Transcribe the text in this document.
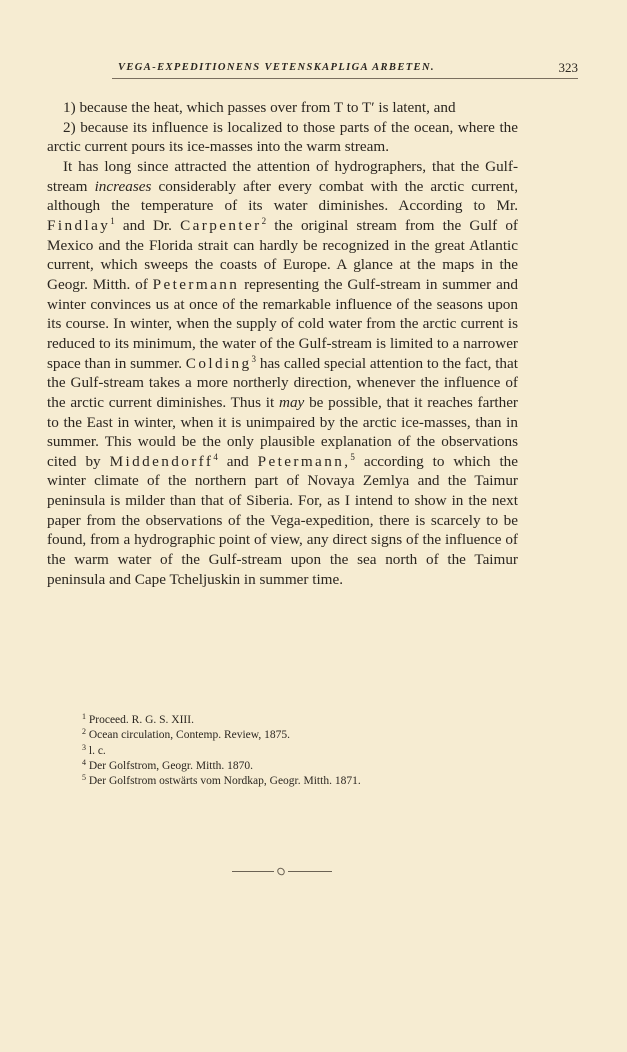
VEGA-EXPEDITIONENS VETENSKAPLIGA ARBETEN.	323

1) because the heat, which passes over from T to T′ is latent, and

2) because its influence is localized to those parts of the ocean, where the arctic current pours its ice-masses into the warm stream.

It has long since attracted the attention of hydrographers, that the Gulf-stream increases considerably after every combat with the arctic current, although the temperature of its water diminishes. According to Mr. Findlay$^1$ and Dr. Carpenter$^2$ the original stream from the Gulf of Mexico and the Florida strait can hardly be recognized in the great Atlantic current, which sweeps the coasts of Europe. A glance at the maps in the Geogr. Mitth. of Petermann representing the Gulf-stream in summer and winter convinces us at once of the remarkable influence of the seasons upon its course. In winter, when the supply of cold water from the arctic current is reduced to its minimum, the water of the Gulf-stream is limited to a narrower space than in summer. Colding$^3$ has called special attention to the fact, that the Gulf-stream takes a more northerly direction, whenever the influence of the arctic current diminishes. Thus it may be possible, that it reaches farther to the East in winter, when it is unimpaired by the arctic ice-masses, than in summer. This would be the only plausible explanation of the observations cited by Middendorff$^4$ and Petermann,$^5$ according to which the winter climate of the northern part of Novaya Zemlya and the Taimur peninsula is milder than that of Siberia. For, as I intend to show in the next paper from the observations of the Vega-expedition, there is scarcely to be found, from a hydrographic point of view, any direct signs of the influence of the warm water of the Gulf-stream upon the sea north of the Taimur peninsula and Cape Tcheljuskin in summer time.

$^1$ Proceed. R. G. S. XIII.
$^2$ Ocean circulation, Contemp. Review, 1875.
$^3$ l. c.
$^4$ Der Golfstrom, Geogr. Mitth. 1870.
$^5$ Der Golfstrom ostwärts vom Nordkap, Geogr. Mitth. 1871.
